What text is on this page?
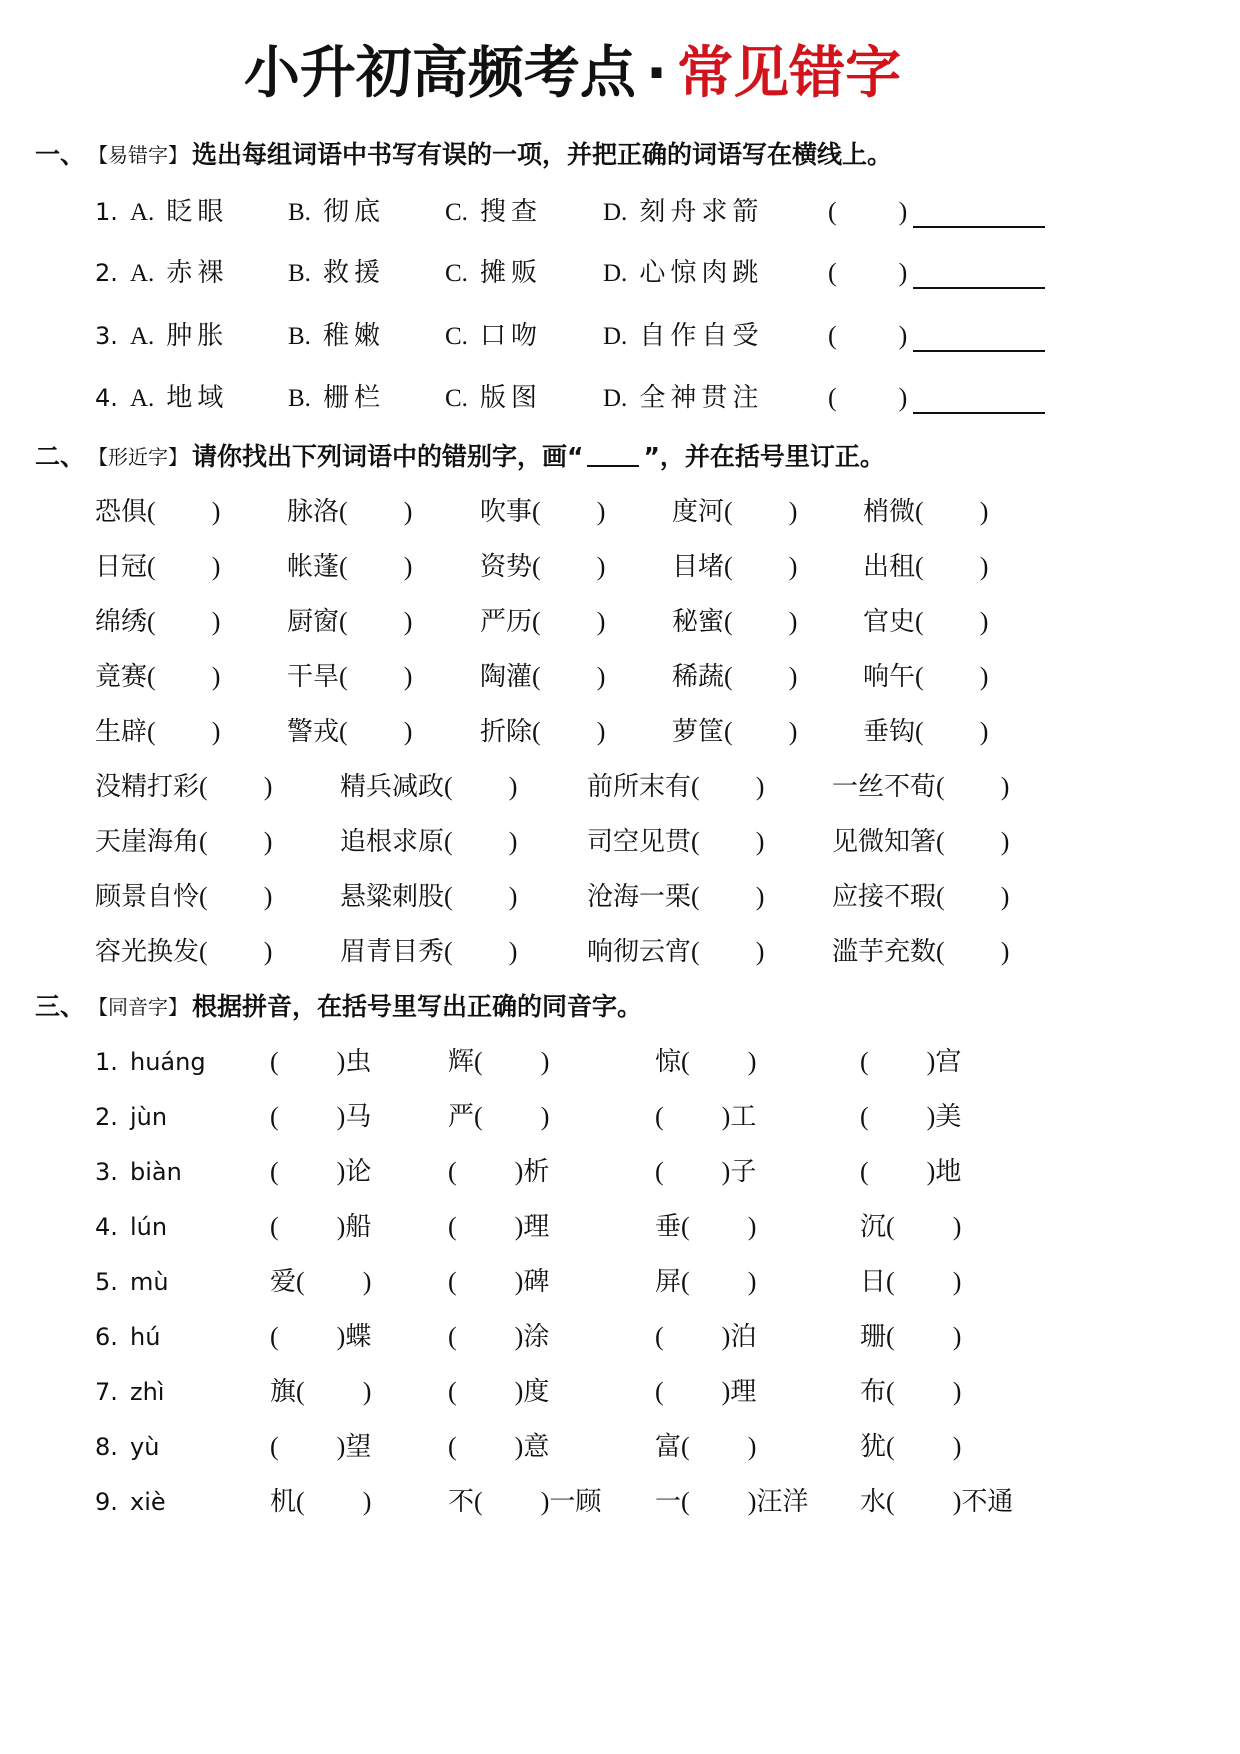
小升初高频考点 · 常见错字
一、 【易错字】 选出每组词语中书写有误的一项，并把正确的词语写在横线上。
二、 【形近字】 请你找出下列词语中的错别字，画“ ”，并在括号里订正。
三、 【同音字】 根据拼音，在括号里写出正确的同音字。
1. A. 眨眼 B. 彻底 C. 搜查 D. 刻舟求箭 ( )
2. A. 赤裸 B. 救援 C. 摊贩 D. 心惊肉跳 ( )
3. A. 肿胀 B. 稚嫩 C. 口吻 D. 自作自受 ( )
4. A. 地域 B. 栅栏 C. 版图 D. 全神贯注 ( )
恐俱( )	脉洛( )	吹事( )	度河( )	梢微( )
日冠( )	帐蓬( )	资势( )	目堵( )	出租( )
绵绣( )	厨窗( )	严历( )	秘蜜( )	官史( )
竟赛( )	干旱( )	陶灌( )	稀蔬( )	响午( )
生辟( )	警戎( )	折除( )	萝筐( )	垂钩( )
没精打彩( )	精兵减政( )	前所末有( )	一丝不荀( )
天崖海角( )	追根求原( )	司空见贯( )	见微知箸( )
顾景自怜( )	悬粱刺股( )	沧海一栗( )	应接不瑕( )
容光换发( )	眉青目秀( )	响彻云宵( )	滥芋充数( )
1. huáng ( )虫	辉( )	惊( )	( )宫
2. jùn	( )马	严( )	( )工	( )美
3. biàn	( )论	( )析	( )子	( )地
4. lún	( )船	( )理	垂( )	沉( )
5. mù	爱( )	( )碑	屏( )	日( )
6. hú	( )蝶	( )涂	( )泊	珊( )
7. zhì	旗( )	( )度	( )理	布( )
8. yù	( )望	( )意	富( )	犹( )
9. xiè	机( )	不( )一顾 一( )汪洋 水( )不通
